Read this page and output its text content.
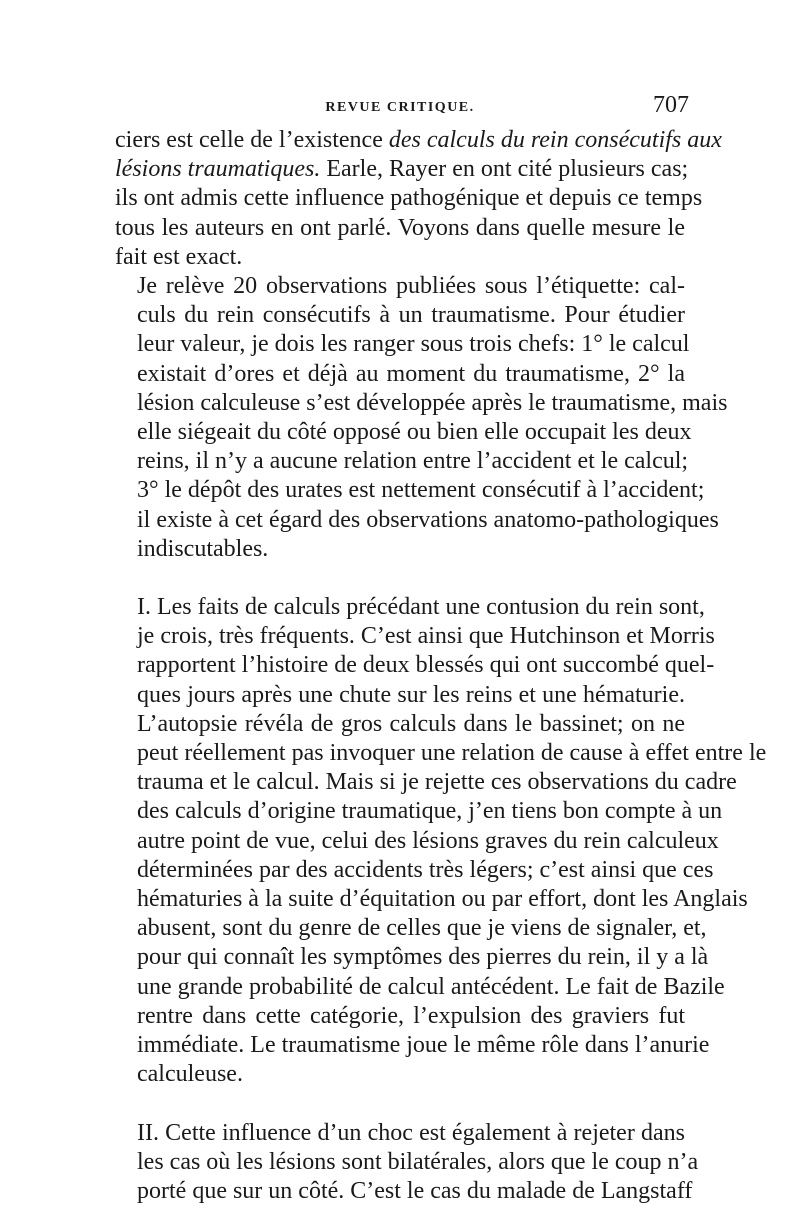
REVUE CRITIQUE.	707

ciers est celle de l’existence des calculs du rein consécutifs aux
lésions traumatiques. Earle, Rayer en ont cité plusieurs cas;
ils ont admis cette influence pathogénique et depuis ce temps
tous les auteurs en ont parlé. Voyons dans quelle mesure le
fait est exact.

Je relève 20 observations publiées sous l’étiquette: cal-
culs du rein consécutifs à un traumatisme. Pour étudier
leur valeur, je dois les ranger sous trois chefs: 1° le calcul
existait d’ores et déjà au moment du traumatisme, 2° la
lésion calculeuse s’est développée après le traumatisme, mais
elle siégeait du côté opposé ou bien elle occupait les deux
reins, il n’y a aucune relation entre l’accident et le calcul;
3° le dépôt des urates est nettement consécutif à l’accident;
il existe à cet égard des observations anatomo-pathologiques
indiscutables.

I. Les faits de calculs précédant une contusion du rein sont,
je crois, très fréquents. C’est ainsi que Hutchinson et Morris
rapportent l’histoire de deux blessés qui ont succombé quel-
ques jours après une chute sur les reins et une hématurie.
L’autopsie révéla de gros calculs dans le bassinet; on ne
peut réellement pas invoquer une relation de cause à effet entre le
trauma et le calcul. Mais si je rejette ces observations du cadre
des calculs d’origine traumatique, j’en tiens bon compte à un
autre point de vue, celui des lésions graves du rein calculeux
déterminées par des accidents très légers; c’est ainsi que ces
hématuries à la suite d’équitation ou par effort, dont les Anglais
abusent, sont du genre de celles que je viens de signaler, et,
pour qui connaît les symptômes des pierres du rein, il y a là
une grande probabilité de calcul antécédent. Le fait de Bazile
rentre dans cette catégorie, l’expulsion des graviers fut
immédiate. Le traumatisme joue le même rôle dans l’anurie
calculeuse.

II. Cette influence d’un choc est également à rejeter dans
les cas où les lésions sont bilatérales, alors que le coup n’a
porté que sur un côté. C’est le cas du malade de Langstaff
